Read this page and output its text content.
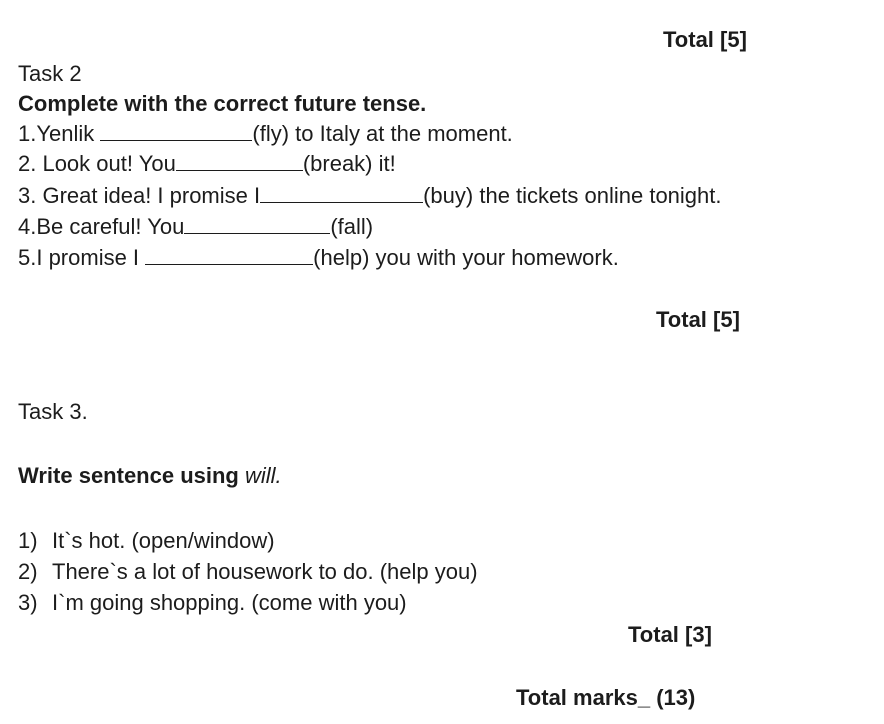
Total [5]
Task 2
Complete with the correct future tense.
1.Yenlik	(fly) to Italy at the moment.
2. Look out! You	(break) it!
3. Great idea! I promise I	(buy) the tickets online tonight.
4.Be careful! You	(fall)
5.I promise I	(help) you with your homework.
Total [5]
Task 3.
Write sentence using will.
1) It`s hot. (open/window)
2) There`s a lot of housework to do. (help you)
3) I`m going shopping. (come with you)
Total [3]
Total marks_ (13)
